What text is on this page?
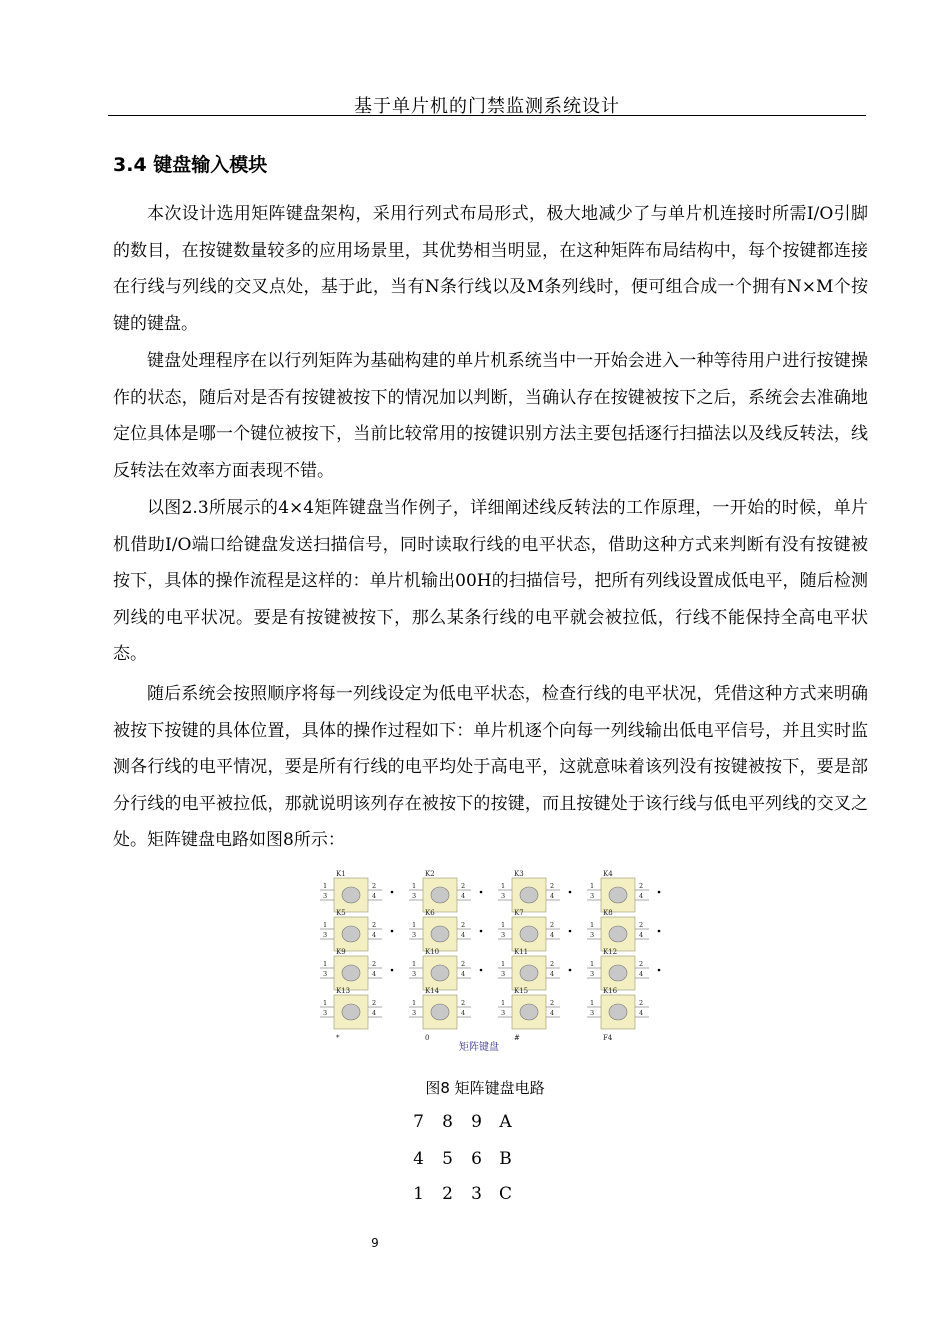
基于单片机的门禁监测系统设计
3.4 键盘输入模块
本次设计选用矩阵键盘架构，采用行列式布局形式，极大地减少了与单片机连接时所需I/O引脚的数目，在按键数量较多的应用场景里，其优势相当明显，在这种矩阵布局结构中，每个按键都连接在行线与列线的交叉点处，基于此，当有N条行线以及M条列线时，便可组合成一个拥有N×M个按键的键盘。
键盘处理程序在以行列矩阵为基础构建的单片机系统当中一开始会进入一种等待用户进行按键操作的状态，随后对是否有按键被按下的情况加以判断，当确认存在按键被按下之后，系统会去准确地定位具体是哪一个键位被按下，当前比较常用的按键识别方法主要包括逐行扫描法以及线反转法，线反转法在效率方面表现不错。
以图2.3所展示的4×4矩阵键盘当作例子，详细阐述线反转法的工作原理，一开始的时候，单片机借助I/O端口给键盘发送扫描信号，同时读取行线的电平状态，借助这种方式来判断有没有按键被按下，具体的操作流程是这样的：单片机输出00H的扫描信号，把所有列线设置成低电平，随后检测列线的电平状况。要是有按键被按下，那么某条行线的电平就会被拉低，行线不能保持全高电平状态。
随后系统会按照顺序将每一列线设定为低电平状态，检查行线的电平状况，凭借这种方式来明确被按下按键的具体位置，具体的操作过程如下：单片机逐个向每一列线输出低电平信号，并且实时监测各行线的电平情况，要是所有行线的电平均处于高电平，这就意味着该列没有按键被按下，要是部分行线的电平被拉低，那就说明该列存在被按下的按键，而且按键处于该行线与低电平列线的交叉之处。矩阵键盘电路如图8所示：
K1
1
3
2
4
K2
1
3
2
4
K3
1
3
2
4
K4
1
3
2
4
K5
1
3
2
4
K6
1
3
2
4
K7
1
3
2
4
K8
1
3
2
4
K9
1
3
2
4
K10
1
3
2
4
K11
1
3
2
4
K12
1
3
2
4
K13
1
3
2
4
*
K14
1
3
2
4
0
K15
1
3
2
4
#
K16
1
3
2
4
F4
矩阵键盘
图8 矩阵键盘电路
7 8 9 A
4 5 6 B
1 2 3 C
9
